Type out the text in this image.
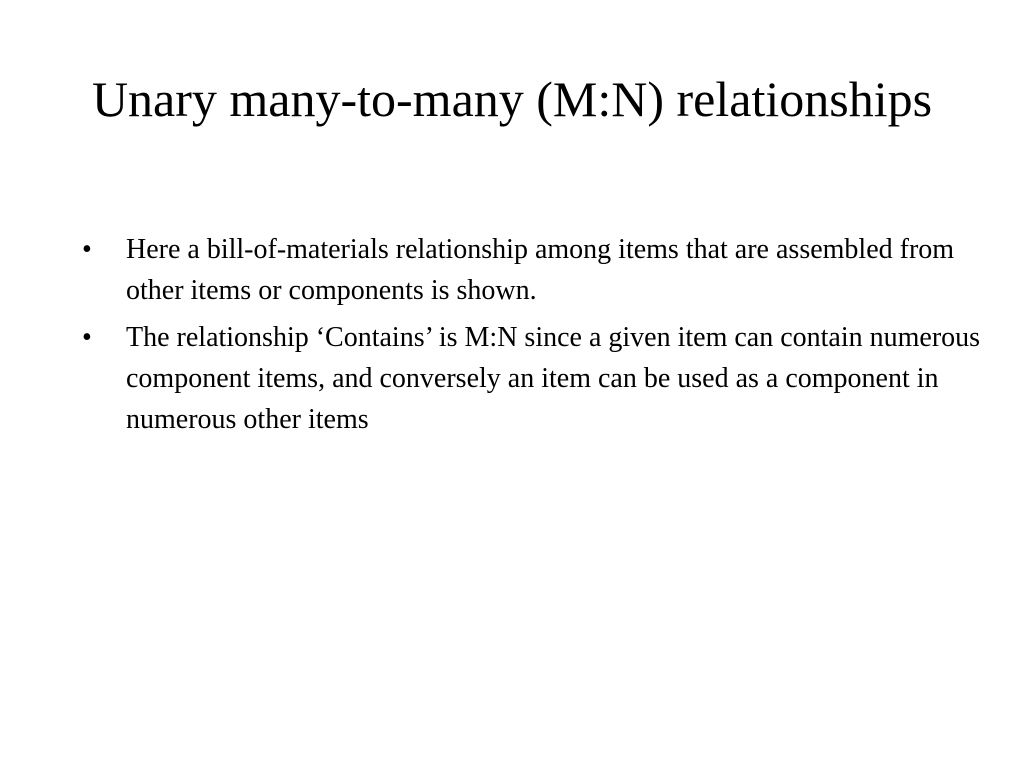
Unary many-to-many (M:N) relationships
•	Here a bill-of-materials relationship among items that are assembled from other items or components is shown.
•	The relationship ‘Contains’ is M:N since a given item can contain numerous component items, and conversely an item can be used as a component in numerous other items
